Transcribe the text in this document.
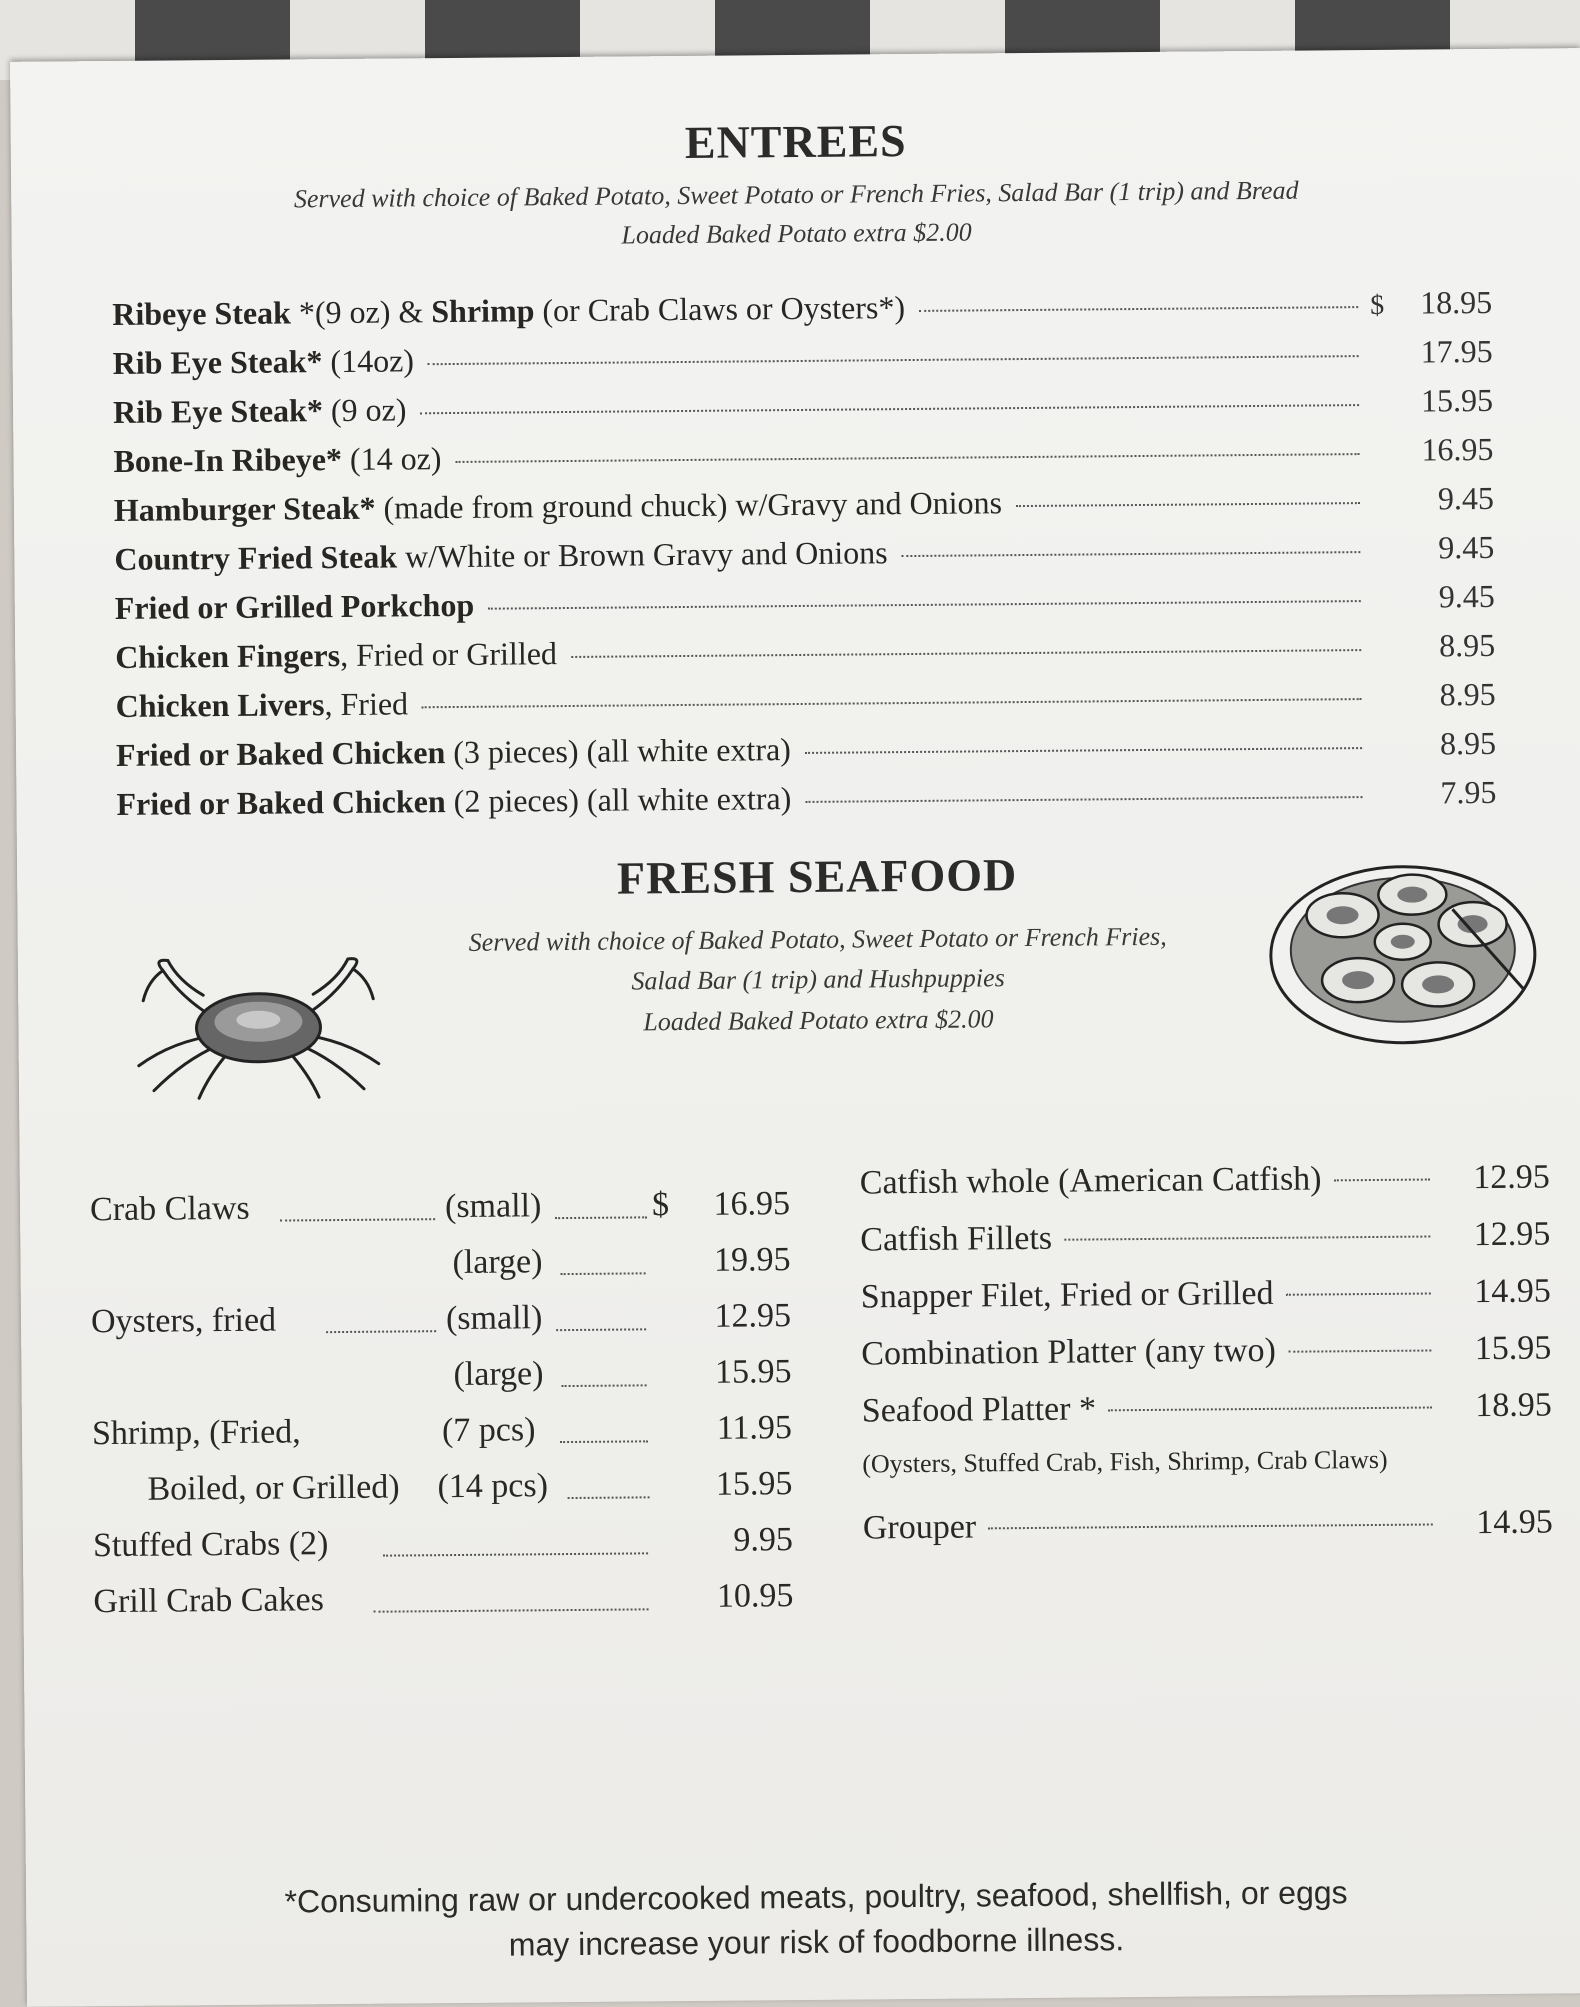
ENTREES

Served with choice of Baked Potato, Sweet Potato or French Fries, Salad Bar (1 trip) and Bread
Loaded Baked Potato extra $2.00

Ribeye Steak *(9 oz) & Shrimp (or Crab Claws or Oysters*)	$	18.95
Rib Eye Steak* (14oz)	17.95
Rib Eye Steak* (9 oz)	15.95
Bone-In Ribeye* (14 oz)	16.95
Hamburger Steak* (made from ground chuck) w/Gravy and Onions	9.45
Country Fried Steak w/White or Brown Gravy and Onions	9.45
Fried or Grilled Porkchop	9.45
Chicken Fingers, Fried or Grilled	8.95
Chicken Livers, Fried	8.95
Fried or Baked Chicken (3 pieces) (all white extra)	8.95
Fried or Baked Chicken (2 pieces) (all white extra)	7.95
FRESH SEAFOOD

Served with choice of Baked Potato, Sweet Potato or French Fries,
Salad Bar (1 trip) and Hushpuppies
Loaded Baked Potato extra $2.00

Crab Claws	(small)	$	16.95
(large)	19.95
Oysters, fried	(small)	12.95
(large)	15.95
Shrimp, (Fried,	(7 pcs)	11.95
Boiled, or Grilled) (14 pcs)	15.95
Stuffed Crabs (2)	9.95
Grill Crab Cakes	10.95
Catfish whole (American Catfish)	12.95
Catfish Fillets	12.95
Snapper Filet, Fried or Grilled	14.95
Combination Platter (any two)	15.95
Seafood Platter *	18.95
(Oysters, Stuffed Crab, Fish, Shrimp, Crab Claws)
Grouper	14.95

*Consuming raw or undercooked meats, poultry, seafood, shellfish, or eggs
may increase your risk of foodborne illness.
